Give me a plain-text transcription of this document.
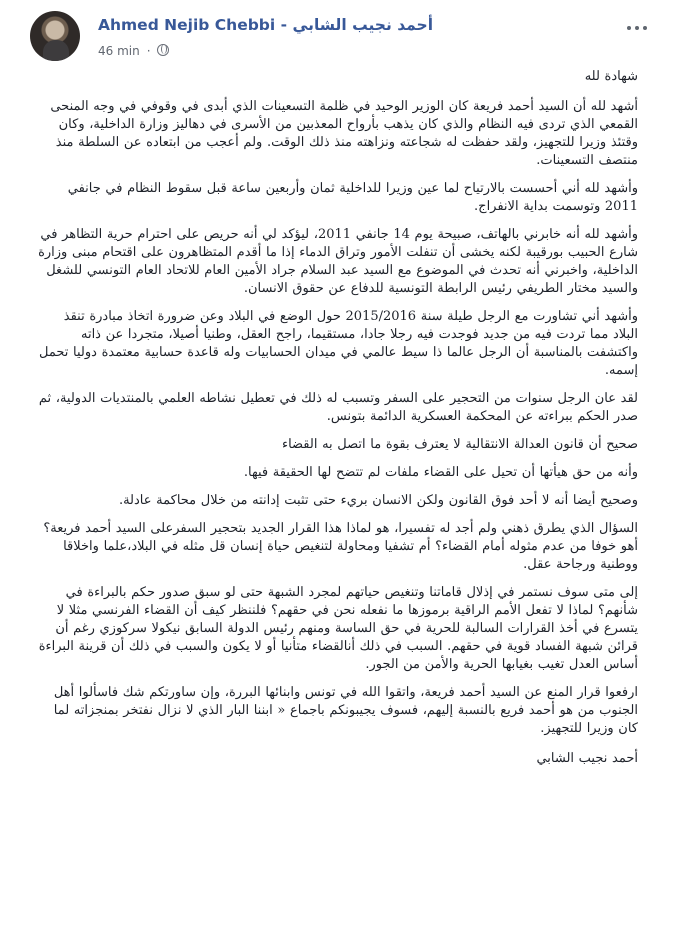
Ahmed Nejib Chebbi - أحمد نجيب الشابي
46 min ·

شهادة لله

أشهد لله أن السيد أحمد فريعة كان الوزير الوحيد في ظلمة التسعينات الذي أبدى في وقوفي في وجه المنحى القمعي الذي تردى فيه النظام والذي كان يذهب بأرواح المعذبين من الأسرى في دهاليز وزارة الداخلية، وكان وقتئذ وزيرا للتجهيز، ولقد حفظت له شجاعته ونزاهته منذ ذلك الوقت. ولم أعجب من ابتعاده عن السلطة منذ منتصف التسعينات.

وأشهد لله أني أحسست بالارتياح لما عين وزيرا للداخلية ثمان وأربعين ساعة قبل سقوط النظام في جانفي 2011 وتوسمت بداية الانفراج.

وأشهد لله أنه خابرني بالهاتف، صبيحة يوم 14 جانفي 2011، ليؤكد لي أنه حريص على احترام حرية التظاهر في شارع الحبيب بورقيبة لكنه يخشى أن تنفلت الأمور وتراق الدماء إذا ما أقدم المتظاهرون على اقتحام مبنى وزارة الداخلية، واخبرني أنه تحدث في الموضوع مع السيد عبد السلام جراد الأمين العام للاتحاد العام التونسي للشغل والسيد مختار الطريفي رئيس الرابطة التونسية للدفاع عن حقوق الانسان.

وأشهد أني تشاورت مع الرجل طيلة سنة 2015/2016 حول الوضع في البلاد وعن ضرورة اتخاذ مبادرة تنقذ البلاد مما تردت فيه من جديد فوجدت فيه رجلا جادا، مستقيما، راجح العقل، وطنيا أصيلا، متجردا عن ذاته واكتشفت بالمناسبة أن الرجل عالما ذا سيط عالمي في ميدان الحسابيات وله قاعدة حسابية معتمدة دوليا تحمل إسمه.

لقد عان الرجل سنوات من التحجير على السفر وتسبب له ذلك في تعطيل نشاطه العلمي بالمنتديات الدولية، ثم صدر الحكم ببراءته عن المحكمة العسكرية الدائمة بتونس.

صحيح أن قانون العدالة الانتقالية لا يعترف بقوة ما اتصل به القضاء

وأنه من حق هيأتها أن تحيل على القضاء ملفات لم تتضح لها الحقيقة فيها.

وصحيح أيضا أنه لا أحد فوق القانون ولكن الانسان بريء حتى تثبت إدانته من خلال محاكمة عادلة.

السؤال الذي يطرق ذهني ولم أجد له تفسيرا، هو لماذا هذا القرار الجديد بتحجير السفرعلى السيد أحمد فريعة؟ أهو خوفا من عدم مثوله أمام القضاء؟ أم تشفيا ومحاولة لتنغيص حياة إنسان قل مثله في البلاد،علما واخلاقا ووطنية ورجاحة عقل.

إلى متى سوف نستمر في إذلال قاماتنا وتنغيص حياتهم لمجرد الشبهة حتى لو سبق صدور حكم بالبراءة في شأنهم؟ لماذا لا تفعل الأمم الراقية برموزها ما نفعله نحن في حقهم؟ فلننظر كيف أن القضاء الفرنسي مثلا لا يتسرع في أخذ القرارات السالبة للحرية في حق الساسة ومنهم رئيس الدولة السابق نيكولا سركوزي رغم أن قرائن شبهة الفساد قوية في حقهم. السبب في ذلك أنالقضاء متأنيا أو لا يكون والسبب في ذلك أن قرينة البراءة أساس العدل تغيب بغيابها الحرية والأمن من الجور.

ارفعوا قرار المنع عن السيد أحمد فريعة، واتقوا الله في تونس وابنائها البررة، وإن ساورتكم شك فاسألوا أهل الجنوب من هو أحمد فريع بالنسبة إليهم، فسوف يجيبونكم باجماع « ابننا البار الذي لا نزال نفتخر بمنجزاته لما كان وزيرا للتجهيز.

أحمد نجيب الشابي
